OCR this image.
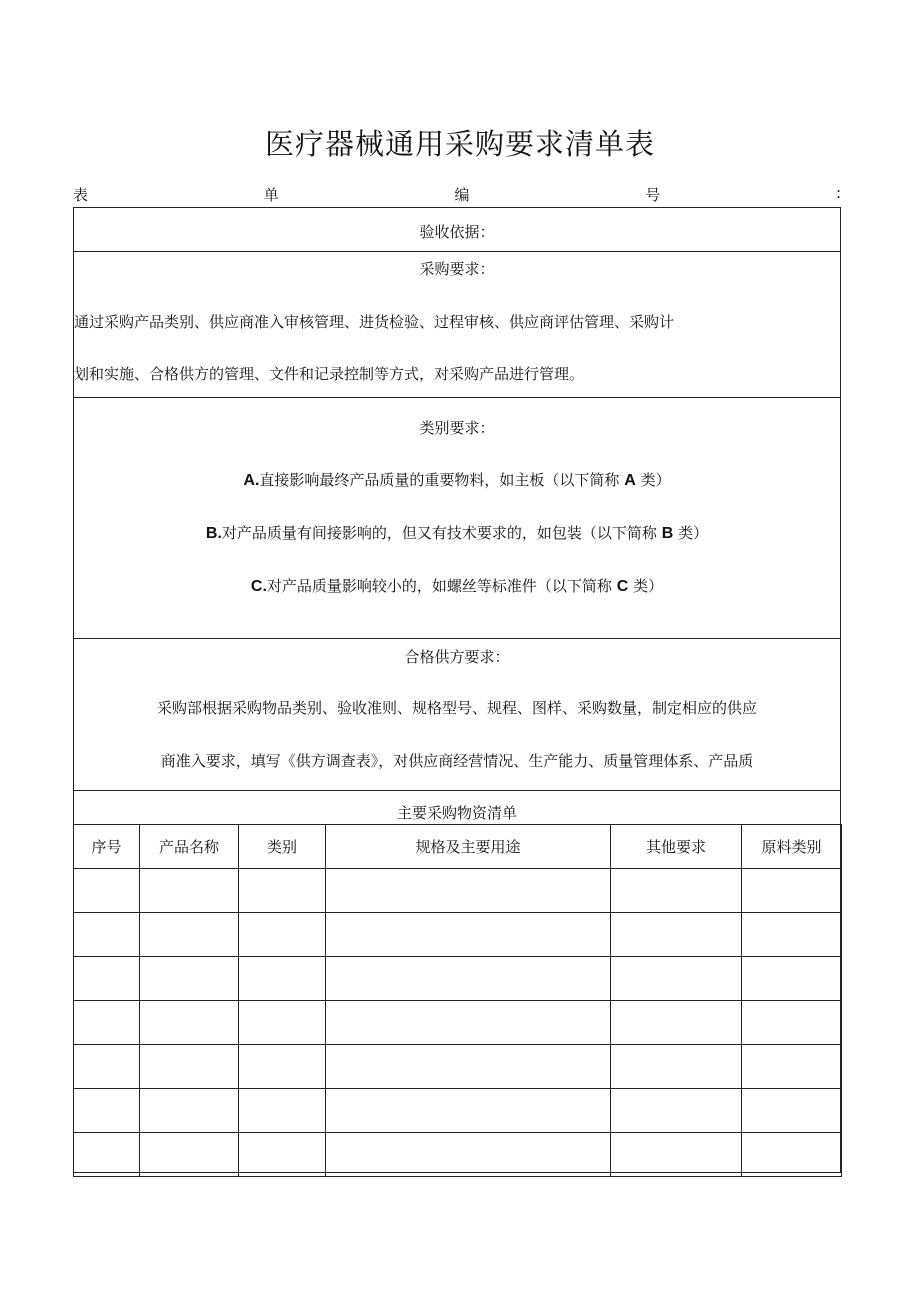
医疗器械通用采购要求清单表
表	单	编	号	:
验收依据：
采购要求：
通过采购产品类别、供应商准入审核管理、进货检验、过程审核、供应商评估管理、采购计
划和实施、合格供方的管理、文件和记录控制等方式，对采购产品进行管理。
类别要求：
A.直接影响最终产品质量的重要物料，如主板（以下简称 A 类）
B.对产品质量有间接影响的，但又有技术要求的，如包装（以下简称 B 类）
C.对产品质量影响较小的，如螺丝等标准件（以下简称 C 类）
合格供方要求：
采购部根据采购物品类别、验收准则、规格型号、规程、图样、采购数量，制定相应的供应
商准入要求，填写《供方调查表》，对供应商经营情况、生产能力、质量管理体系、产品质
主要采购物资清单
序号	产品名称	类别	规格及主要用途	其他要求	原料类别
